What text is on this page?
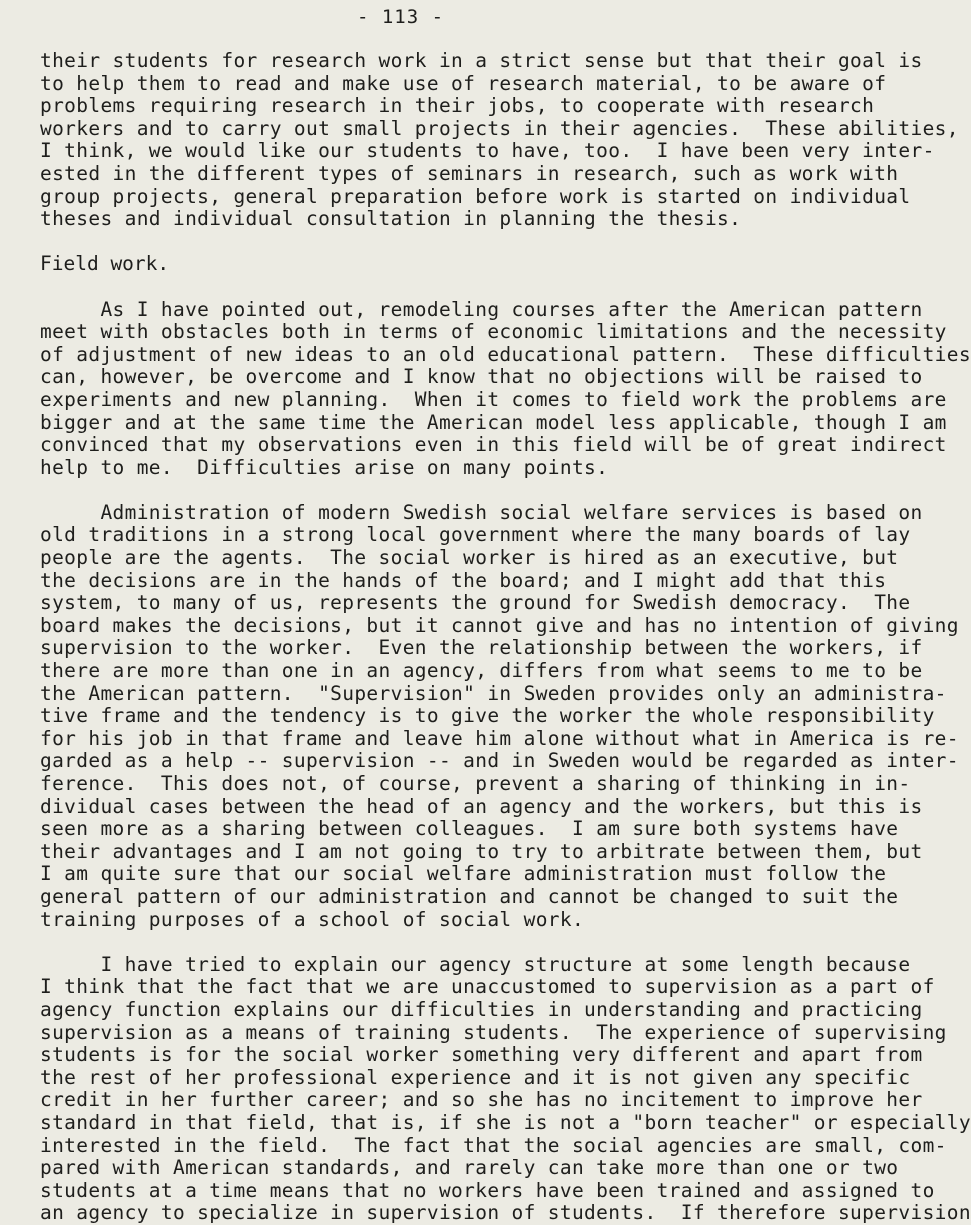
- 113 -
their students for research work in a strict sense but that their goal is
to help them to read and make use of research material, to be aware of
problems requiring research in their jobs, to cooperate with research
workers and to carry out small projects in their agencies.  These abilities,
I think, we would like our students to have, too.  I have been very inter-
ested in the different types of seminars in research, such as work with
group projects, general preparation before work is started on individual
theses and individual consultation in planning the thesis.
Field work.
As I have pointed out, remodeling courses after the American pattern
meet with obstacles both in terms of economic limitations and the necessity
of adjustment of new ideas to an old educational pattern.  These difficulties
can, however, be overcome and I know that no objections will be raised to
experiments and new planning.  When it comes to field work the problems are
bigger and at the same time the American model less applicable, though I am
convinced that my observations even in this field will be of great indirect
help to me.  Difficulties arise on many points.
Administration of modern Swedish social welfare services is based on
old traditions in a strong local government where the many boards of lay
people are the agents.  The social worker is hired as an executive, but
the decisions are in the hands of the board; and I might add that this
system, to many of us, represents the ground for Swedish democracy.  The
board makes the decisions, but it cannot give and has no intention of giving
supervision to the worker.  Even the relationship between the workers, if
there are more than one in an agency, differs from what seems to me to be
the American pattern.  "Supervision" in Sweden provides only an administra-
tive frame and the tendency is to give the worker the whole responsibility
for his job in that frame and leave him alone without what in America is re-
garded as a help -- supervision -- and in Sweden would be regarded as inter-
ference.  This does not, of course, prevent a sharing of thinking in in-
dividual cases between the head of an agency and the workers, but this is
seen more as a sharing between colleagues.  I am sure both systems have
their advantages and I am not going to try to arbitrate between them, but
I am quite sure that our social welfare administration must follow the
general pattern of our administration and cannot be changed to suit the
training purposes of a school of social work.
I have tried to explain our agency structure at some length because
I think that the fact that we are unaccustomed to supervision as a part of
agency function explains our difficulties in understanding and practicing
supervision as a means of training students.  The experience of supervising
students is for the social worker something very different and apart from
the rest of her professional experience and it is not given any specific
credit in her further career; and so she has no incitement to improve her
standard in that field, that is, if she is not a "born teacher" or especially
interested in the field.  The fact that the social agencies are small, com-
pared with American standards, and rarely can take more than one or two
students at a time means that no workers have been trained and assigned to
an agency to specialize in supervision of students.  If therefore supervision
